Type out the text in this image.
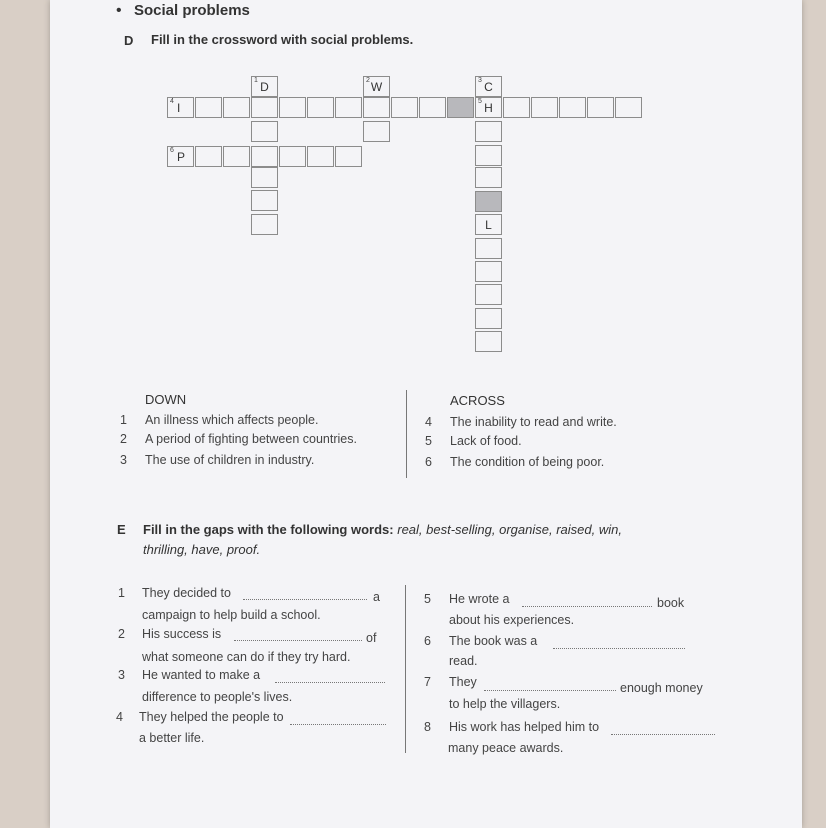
• Social problems
D Fill in the crossword with social problems.
1 D	2 W	3 C
L
4 I	5 H
6 P
DOWN	ACROSS
1 An illness which affects people.
2 A period of fighting between countries.
3 The use of children in industry.
4 The inability to read and write.
5 Lack of food.
6 The condition of being poor.
E Fill in the gaps with the following words: real, best-selling, organise, raised, win,
thrilling, have, proof.
1 They decided to	a
campaign to help build a school.
2 His success is	of
what someone can do if they try hard.
3 He wanted to make a
difference to people's lives.
4 They helped the people to
a better life.
5 He wrote a	book
about his experiences.
6 The book was a
read.
7 They	enough money
to help the villagers.
8 His work has helped him to
many peace awards.
